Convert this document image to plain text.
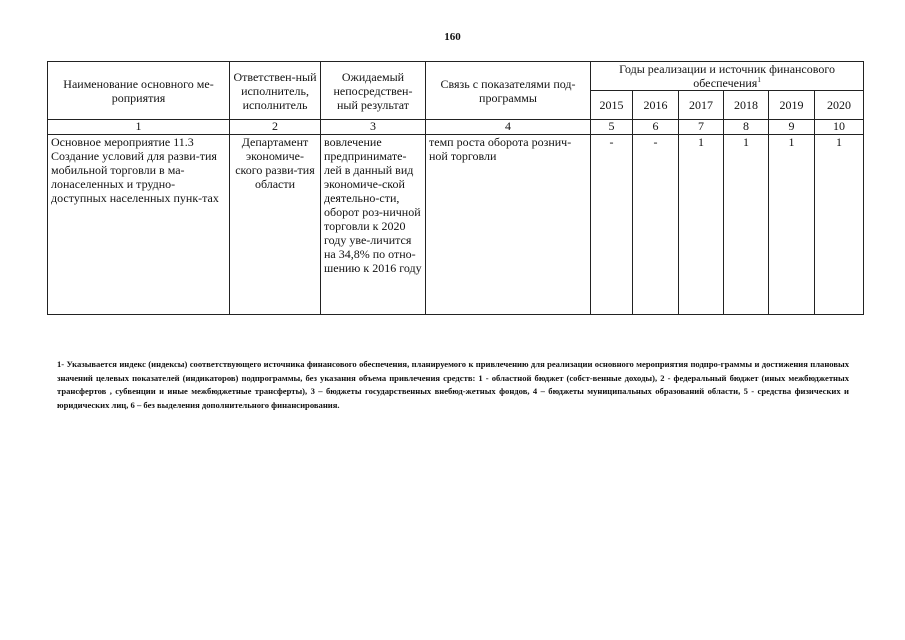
160
Наименование основного ме-роприятия	Ответствен-ный исполнитель, исполнитель	Ожидаемый непосредствен-ный результат	Связь с показателями под-программы	Годы реализации и источник финансового обеспечения$^1$
				2015	2016	2017	2018	2019	2020
1	2	3	4	5	6	7	8	9	10
Основное мероприятие 11.3 Создание условий для разви-тия мобильной торговли в ма-лонаселенных и трудно-доступных населенных пунк-тах	Департамент экономиче-ского разви-тия области	вовлечение предпринимате-лей в данный вид экономиче-ской деятельно-сти, оборот роз-ничной торговли к 2020 году уве-личится на 34,8% по отно-шению к 2016 году	темп роста оборота рознич-ной торговли	-	-	1	1	1	1
1- Указывается индекс (индексы) соответствующего источника финансового обеспечения, планируемого к привлечению для реализации основного мероприятия подпро-граммы и достижения плановых значений целевых показателей (индикаторов) подпрограммы, без указания объема привлечения средств: 1 - областной бюджет (собст-венные доходы), 2 - федеральный бюджет (иных межбюджетных трансфертов , субвенции и иные межбюджетные трансферты), 3 – бюджеты государственных внебюд-жетных фондов, 4 – бюджеты муниципальных образований области, 5 - средства физических и юридических лиц, 6 – без выделения дополнительного финансирования.
